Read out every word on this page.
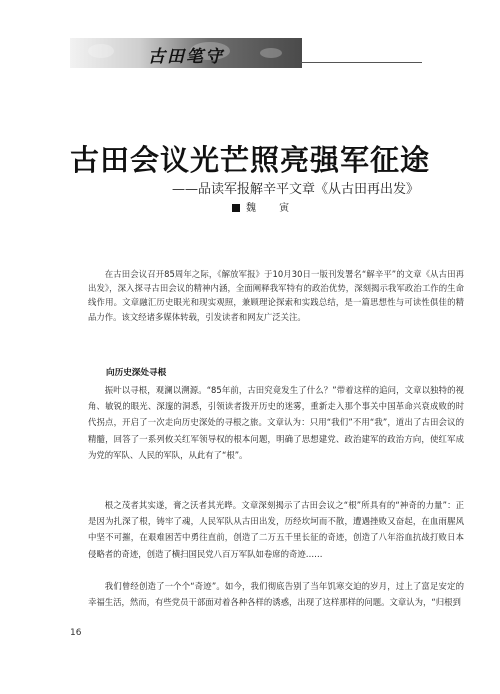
古田笔守
古田会议光芒照亮强军征途
——品读军报解辛平文章《从古田再出发》
魏 寅

在古田会议召开85周年之际，《解放军报》于10月30日一版刊发署名“解辛平”的文章《从古田再出发》，深入探寻古田会议的精神内涵，全面阐释我军特有的政治优势，深刻揭示我军政治工作的生命线作用。文章融汇历史眼光和现实观照，兼顾理论探索和实践总结，是一篇思想性与可读性俱佳的精品力作。该文经诸多媒体转载，引发读者和网友广泛关注。

向历史深处寻根

振叶以寻根，观澜以溯源。“85年前，古田究竟发生了什么？”带着这样的追问，文章以独特的视角、敏锐的眼光、深邃的洞悉，引领读者拨开历史的迷雾，重新走入那个事关中国革命兴衰成败的时代拐点，开启了一次走向历史深处的寻根之旅。文章认为：只用“我们”不用“我”，道出了古田会议的精髓，回答了一系列攸关红军领导权的根本问题，明确了思想建党、政治建军的政治方向，使红军成为党的军队、人民的军队，从此有了“根”。

根之茂者其实遂，膏之沃者其光晔。文章深刻揭示了古田会议之“根”所具有的“神奇的力量”：正是因为扎深了根，铸牢了魂，人民军队从古田出发，历经坎坷而不散，遭遇挫败又奋起，在血雨腥风中坚不可摧，在艰难困苦中勇往直前，创造了二万五千里长征的奇迹，创造了八年浴血抗战打败日本侵略者的奇迹，创造了横扫国民党八百万军队如卷席的奇迹……

我们曾经创造了一个个“奇迹”。如今，我们彻底告别了当年饥寒交迫的岁月，过上了富足安定的幸福生活，然而，有些党员干部面对着各种各样的诱惑，出现了这样那样的问题。文章认为，“归根到

16
